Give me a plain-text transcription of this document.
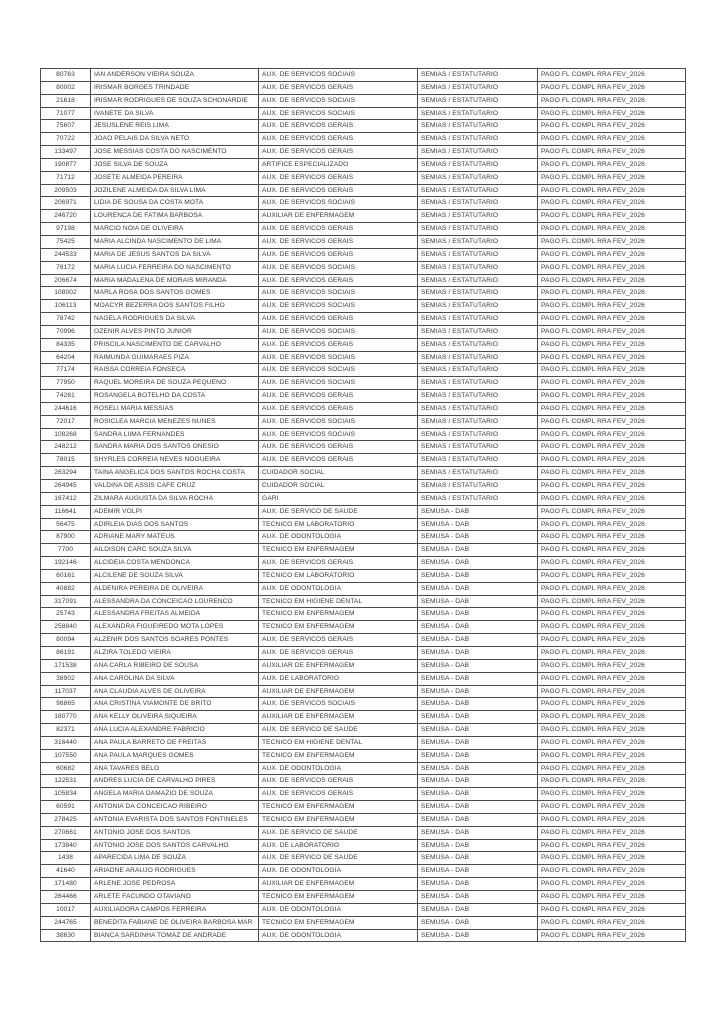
80763	IAN ANDERSON VIEIRA SOUZA	AUX. DE SERVICOS SOCIAIS	SEMIAS / ESTATUTARIO	PAGO FL COMPL RRA FEV_2026
80002	IRISMAR BORGES TRINDADE	AUX. DE SERVICOS GERAIS	SEMIAS / ESTATUTARIO	PAGO FL COMPL RRA FEV_2026
21618	IRISMAR RODRIGUES DE SOUZA SCHONARDIE	AUX. DE SERVICOS SOCIAIS	SEMIAS / ESTATUTARIO	PAGO FL COMPL RRA FEV_2026
71077	IVANETE DA SILVA	AUX. DE SERVICOS SOCIAIS	SEMIAS / ESTATUTARIO	PAGO FL COMPL RRA FEV_2026
75607	JESUSLENE REIS LIMA	AUX. DE SERVICOS GERAIS	SEMIAS / ESTATUTARIO	PAGO FL COMPL RRA FEV_2026
70722	JOAO PELAIS DA SILVA NETO	AUX. DE SERVICOS GERAIS	SEMIAS / ESTATUTARIO	PAGO FL COMPL RRA FEV_2026
133497	JOSE MESSIAS COSTA DO NASCIMENTO	AUX. DE SERVICOS GERAIS	SEMIAS / ESTATUTARIO	PAGO FL COMPL RRA FEV_2026
190877	JOSE SILVA DE SOUZA	ARTIFICE ESPECIALIZADO	SEMIAS / ESTATUTARIO	PAGO FL COMPL RRA FEV_2026
71712	JOSETE ALMEIDA PEREIRA	AUX. DE SERVICOS GERAIS	SEMIAS / ESTATUTARIO	PAGO FL COMPL RRA FEV_2026
209503	JOZILENE ALMEIDA DA SILVA LIMA	AUX. DE SERVICOS GERAIS	SEMIAS / ESTATUTARIO	PAGO FL COMPL RRA FEV_2026
206971	LIDIA DE SOUSA DA COSTA MOTA	AUX. DE SERVICOS SOCIAIS	SEMIAS / ESTATUTARIO	PAGO FL COMPL RRA FEV_2026
246720	LOURENCA DE FATIMA BARBOSA	AUXILIAR DE ENFERMAGEM	SEMIAS / ESTATUTARIO	PAGO FL COMPL RRA FEV_2026
97198	MARCIO NOIA DE OLIVEIRA	AUX. DE SERVICOS GERAIS	SEMIAS / ESTATUTARIO	PAGO FL COMPL RRA FEV_2026
75425	MARIA ALCINDA NASCIMENTO DE LIMA	AUX. DE SERVICOS GERAIS	SEMIAS / ESTATUTARIO	PAGO FL COMPL RRA FEV_2026
244533	MARIA DE JESUS SANTOS DA SILVA	AUX. DE SERVICOS GERAIS	SEMIAS / ESTATUTARIO	PAGO FL COMPL RRA FEV_2026
78172	MARIA LUCIA FERREIRA DO NASCIMENTO	AUX. DE SERVICOS SOCIAIS	SEMIAS / ESTATUTARIO	PAGO FL COMPL RRA FEV_2026
206674	MARIA MADALENA DE MORAIS MIRANDA	AUX. DE SERVICOS GERAIS	SEMIAS / ESTATUTARIO	PAGO FL COMPL RRA FEV_2026
108002	MARLA ROSA DOS SANTOS GOMES	AUX. DE SERVICOS SOCIAIS	SEMIAS / ESTATUTARIO	PAGO FL COMPL RRA FEV_2026
106113	MOACYR BEZERRA DOS SANTOS FILHO	AUX. DE SERVICOS SOCIAIS	SEMIAS / ESTATUTARIO	PAGO FL COMPL RRA FEV_2026
78742	NAGELA RODRIGUES DA SILVA	AUX. DE SERVICOS GERAIS	SEMIAS / ESTATUTARIO	PAGO FL COMPL RRA FEV_2026
70996	OZENIR ALVES PINTO JUNIOR	AUX. DE SERVICOS SOCIAIS	SEMIAS / ESTATUTARIO	PAGO FL COMPL RRA FEV_2026
84335	PRISCILA NASCIMENTO DE CARVALHO	AUX. DE SERVICOS GERAIS	SEMIAS / ESTATUTARIO	PAGO FL COMPL RRA FEV_2026
64204	RAIMUNDA GUIMARAES PIZA	AUX. DE SERVICOS SOCIAIS	SEMIAS / ESTATUTARIO	PAGO FL COMPL RRA FEV_2026
77174	RAISSA CORREIA FONSECA	AUX. DE SERVICOS SOCIAIS	SEMIAS / ESTATUTARIO	PAGO FL COMPL RRA FEV_2026
77950	RAQUEL MOREIRA DE SOUZA PEQUENO	AUX. DE SERVICOS SOCIAIS	SEMIAS / ESTATUTARIO	PAGO FL COMPL RRA FEV_2026
74261	ROSANGELA BOTELHO DA COSTA	AUX. DE SERVICOS GERAIS	SEMIAS / ESTATUTARIO	PAGO FL COMPL RRA FEV_2026
244616	ROSELI MARIA MESSIAS	AUX. DE SERVICOS GERAIS	SEMIAS / ESTATUTARIO	PAGO FL COMPL RRA FEV_2026
72017	ROSICLEA MARCIA MENEZES NUNES	AUX. DE SERVICOS SOCIAIS	SEMIAS / ESTATUTARIO	PAGO FL COMPL RRA FEV_2026
108268	SANDRA LIIMA FERNANDES	AUX. DE SERVICOS SOCIAIS	SEMIAS / ESTATUTARIO	PAGO FL COMPL RRA FEV_2026
248212	SANDRA MARIA DOS SANTOS ONESIO	AUX. DE SERVICOS GERAIS	SEMIAS / ESTATUTARIO	PAGO FL COMPL RRA FEV_2026
78015	SHYRLES CORREIA NEVES NOGUEIRA	AUX. DE SERVICOS GERAIS	SEMIAS / ESTATUTARIO	PAGO FL COMPL RRA FEV_2026
263294	TAINA ANGELICA DOS SANTOS ROCHA COSTA	CUIDADOR SOCIAL	SEMIAS / ESTATUTARIO	PAGO FL COMPL RRA FEV_2026
264945	VALDINA DE ASSIS CAFE CRUZ	CUIDADOR SOCIAL	SEMIAS / ESTATUTARIO	PAGO FL COMPL RRA FEV_2026
167412	ZILMARA AUGUSTA DA SILVA ROCHA	GARI	SEMIAS / ESTATUTARIO	PAGO FL COMPL RRA FEV_2026
116641	ADEMIR VOLPI	AUX. DE SERVICO DE SAUDE	SEMUSA - DAB	PAGO FL COMPL RRA FEV_2026
56475	ADIRLEIA DIAS DOS SANTOS	TECNICO EM LABORATORIO	SEMUSA - DAB	PAGO FL COMPL RRA FEV_2026
87900	ADRIANE MARY MATEUS	AUX. DE ODONTOLOGIA	SEMUSA - DAB	PAGO FL COMPL RRA FEV_2026
7700	AILDISON CARC SOUZA SILVA	TECNICO EM ENFERMAGEM	SEMUSA - DAB	PAGO FL COMPL RRA FEV_2026
192146	ALCIDEIA COSTA MENDONCA	AUX. DE SERVICOS GERAIS	SEMUSA - DAB	PAGO FL COMPL RRA FEV_2026
60161	ALCILENE DE SOUZA SILVA	TECNICO EM LABORATORIO	SEMUSA - DAB	PAGO FL COMPL RRA FEV_2026
40882	ALDENIRA PEREIRA DE OLIVEIRA	AUX. DE ODONTOLOGIA	SEMUSA - DAB	PAGO FL COMPL RRA FEV_2026
317091	ALESSANDRA DA CONCEICAO LOURENCO	TECNICO EM HIGIENE DENTAL	SEMUSA - DAB	PAGO FL COMPL RRA FEV_2026
25743	ALESSANDRA FREITAS ALMEIDA	TECNICO EM ENFERMAGEM	SEMUSA - DAB	PAGO FL COMPL RRA FEV_2026
258840	ALEXANDRA FIGUEIREDO MOTA LOPES	TECNICO EM ENFERMAGEM	SEMUSA - DAB	PAGO FL COMPL RRA FEV_2026
80094	ALZENIR DOS SANTOS SOARES PONTES	AUX. DE SERVICOS GERAIS	SEMUSA - DAB	PAGO FL COMPL RRA FEV_2026
86191	ALZIRA TOLEDO VIEIRA	AUX. DE SERVICOS GERAIS	SEMUSA - DAB	PAGO FL COMPL RRA FEV_2026
171538	ANA CARLA RIBEIRO DE SOUSA	AUXILIAR DE ENFERMAGEM	SEMUSA - DAB	PAGO FL COMPL RRA FEV_2026
38902	ANA CAROLINA DA SILVA	AUX. DE LABORATORIO	SEMUSA - DAB	PAGO FL COMPL RRA FEV_2026
117037	ANA CLAUDIA ALVES DE OLIVEIRA	AUXILIAR DE ENFERMAGEM	SEMUSA - DAB	PAGO FL COMPL RRA FEV_2026
98865	ANA CRISTINA VIAMONTE DE BRITO	AUX. DE SERVICOS SOCIAIS	SEMUSA - DAB	PAGO FL COMPL RRA FEV_2026
180770	ANA KELLY OLIVEIRA SIQUEIRA	AUXILIAR DE ENFERMAGEM	SEMUSA - DAB	PAGO FL COMPL RRA FEV_2026
82371	ANA LUCIA ALEXANDRE FABRICIO	AUX. DE SERVICO DE SAUDE	SEMUSA - DAB	PAGO FL COMPL RRA FEV_2026
316440	ANA PAULA BARRETO DE FREITAS	TECNICO EM HIGIENE DENTAL	SEMUSA - DAB	PAGO FL COMPL RRA FEV_2026
107550	ANA PAULA MARQUES GOMES	TECNICO EM ENFERMAGEM	SEMUSA - DAB	PAGO FL COMPL RRA FEV_2026
60682	ANA TAVARES BELO	AUX. DE ODONTOLOGIA	SEMUSA - DAB	PAGO FL COMPL RRA FEV_2026
122531	ANDRES LUCIA DE CARVALHO PIRES	AUX. DE SERVICOS GERAIS	SEMUSA - DAB	PAGO FL COMPL RRA FEV_2026
105834	ANGELA MARIA DAMAZIO DE SOUZA	AUX. DE SERVICOS GERAIS	SEMUSA - DAB	PAGO FL COMPL RRA FEV_2026
60591	ANTONIA DA CONCEICAO RIBEIRO	TECNICO EM ENFERMAGEM	SEMUSA - DAB	PAGO FL COMPL RRA FEV_2026
278425	ANTONIA EVARISTA DOS SANTOS FONTINELES	TECNICO EM ENFERMAGEM	SEMUSA - DAB	PAGO FL COMPL RRA FEV_2026
270661	ANTONIO JOSE DOS SANTOS	AUX. DE SERVICO DE SAUDE	SEMUSA - DAB	PAGO FL COMPL RRA FEV_2026
173840	ANTONIO JOSE DOS SANTOS CARVALHO	AUX. DE LABORATORIO	SEMUSA - DAB	PAGO FL COMPL RRA FEV_2026
1438	APARECIDA LIMA DE SOUZA	AUX. DE SERVICO DE SAUDE	SEMUSA - DAB	PAGO FL COMPL RRA FEV_2026
41640	ARIADNE ARAUJO RODRIGUES	AUX. DE ODONTOLOGIA	SEMUSA - DAB	PAGO FL COMPL RRA FEV_2026
171480	ARLENE JOSE PEDROSA	AUXILIAR DE ENFERMAGEM	SEMUSA - DAB	PAGO FL COMPL RRA FEV_2026
264466	ARLETE FACUNDO OTAVIANO	TECNICO EM ENFERMAGEM	SEMUSA - DAB	PAGO FL COMPL RRA FEV_2026
10017	AUXILIADORA CAMPOS FERREIRA	AUX. DE ODONTOLOGIA	SEMUSA - DAB	PAGO FL COMPL RRA FEV_2026
244765	BENEDITA FABIANE DE OLIVEIRA BARBOSA MAR	TECNICO EM ENFERMAGEM	SEMUSA - DAB	PAGO FL COMPL RRA FEV_2026
38630	BIANCA SARDINHA TOMAZ DE ANDRADE	AUX. DE ODONTOLOGIA	SEMUSA - DAB	PAGO FL COMPL RRA FEV_2026
